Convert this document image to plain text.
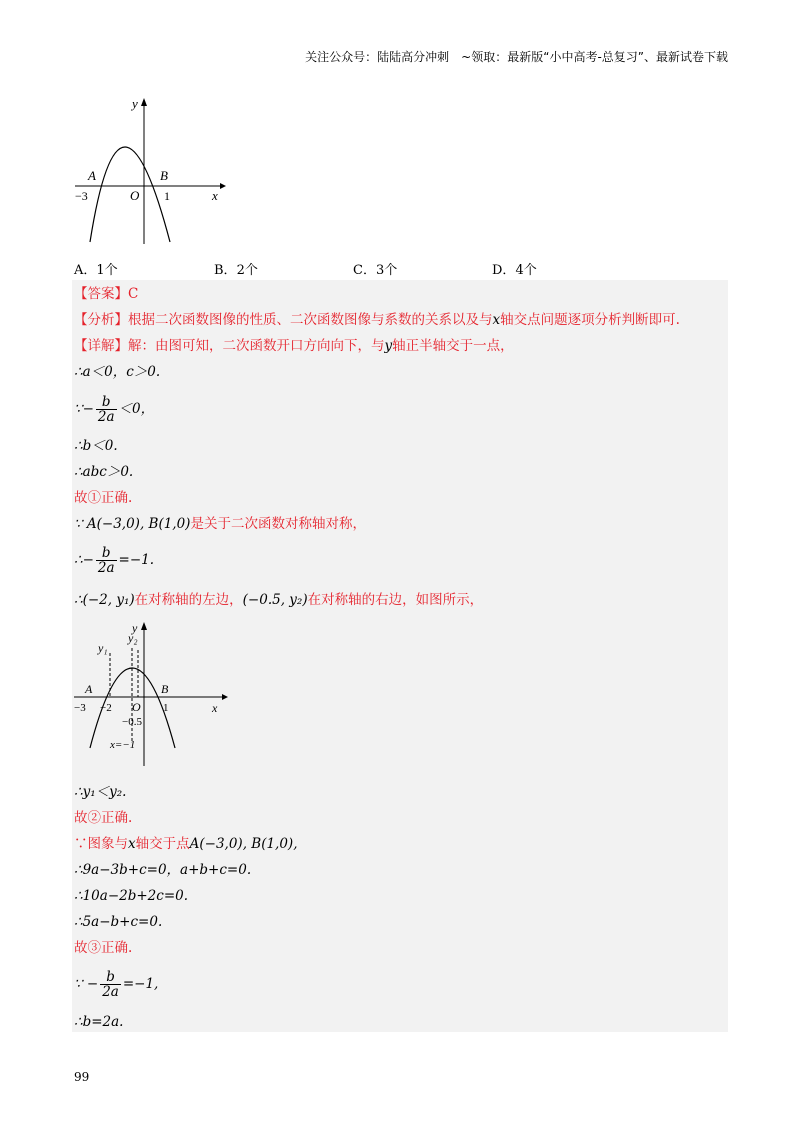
关注公众号：陆陆高分冲刺　~领取：最新版“小中高考-总复习”、最新试卷下载
y
x
A	B
O
−3	1
A．1个	B．2个	C．3个	D．4个
【答案】C
【分析】根据二次函数图像的性质、二次函数图像与系数的关系以及与x轴交点问题逐项分析判断即可.
【详解】解：由图可知，二次函数开口方向向下，与y轴正半轴交于一点，
∴a＜0，c＞0.
∵− $\frac{b}{2a} <0$，
∴b＜0.
∴abc＞0.
故①正确.
∵ A(−3,0), B(1,0)是关于二次函数对称轴对称，
∴− $\frac{b}{2a} =-1$.
∴(−2, y₁)在对称轴的左边，(−0.5, y₂)在对称轴的右边，如图所示，
y
x
y₁
y₂
A	B
O
−3 −2	1
−0.5
x=−1
∴y₁＜y₂.
故②正确.
∵图象与x轴交于点A(−3,0), B(1,0),
∴9a−3b+c=0，a+b+c=0.
∴10a−2b+2c=0.
∴5a−b+c=0.
故③正确.
∵ − $\frac{b}{2a} =-1$,
∴b=2a.
99
